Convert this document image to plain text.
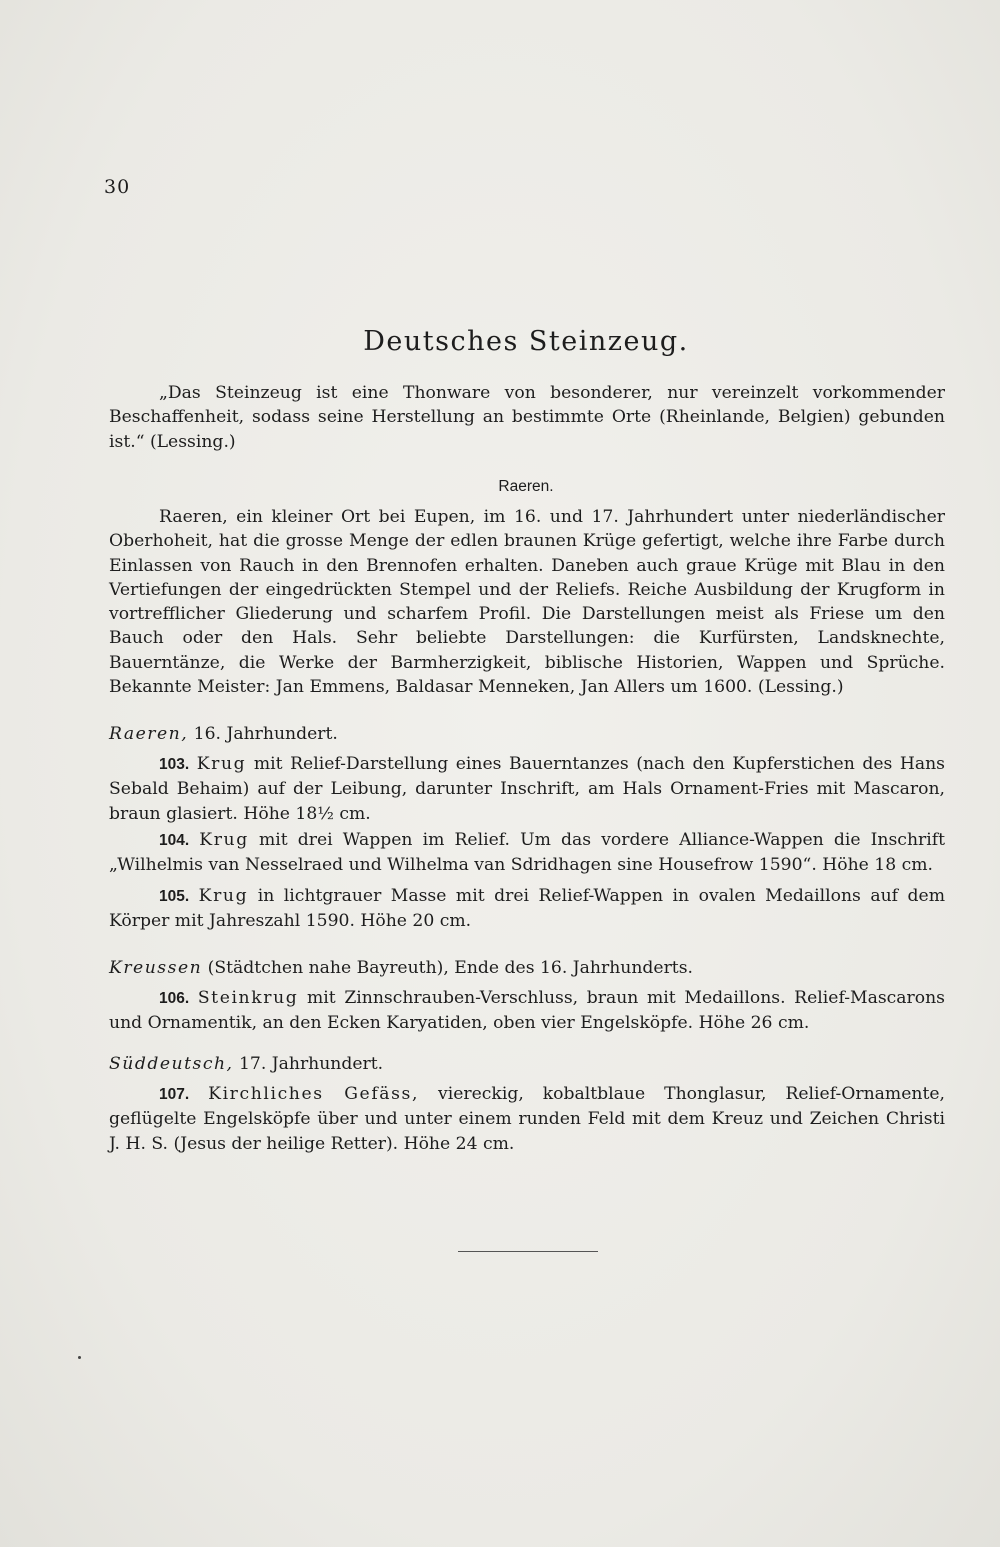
30
Deutsches Steinzeug.

„Das Steinzeug ist eine Thonware von besonderer, nur vereinzelt vorkommender Beschaffenheit, sodass seine Herstellung an bestimmte Orte (Rheinlande, Belgien) gebunden ist.“ (Lessing.)

Raeren.

Raeren, ein kleiner Ort bei Eupen, im 16. und 17. Jahrhundert unter niederländischer Oberhoheit, hat die grosse Menge der edlen braunen Krüge gefertigt, welche ihre Farbe durch Einlassen von Rauch in den Brennofen erhalten. Daneben auch graue Krüge mit Blau in den Vertiefungen der eingedrückten Stempel und der Reliefs. Reiche Ausbildung der Krugform in vortrefflicher Gliederung und scharfem Profil. Die Darstellungen meist als Friese um den Bauch oder den Hals. Sehr beliebte Darstellungen: die Kurfürsten, Landsknechte, Bauerntänze, die Werke der Barmherzigkeit, biblische Historien, Wappen und Sprüche. Bekannte Meister: Jan Emmens, Baldasar Menneken, Jan Allers um 1600. (Lessing.)

Raeren, 16. Jahrhundert.

103. Krug mit Relief-Darstellung eines Bauerntanzes (nach den Kupferstichen des Hans Sebald Behaim) auf der Leibung, darunter Inschrift, am Hals Ornament-Fries mit Mascaron, braun glasiert. Höhe 18½ cm.

104. Krug mit drei Wappen im Relief. Um das vordere Alliance-Wappen die Inschrift „Wilhelmis van Nesselraed und Wilhelma van Sdridhagen sine Housefrow 1590“. Höhe 18 cm.

105. Krug in lichtgrauer Masse mit drei Relief-Wappen in ovalen Medaillons auf dem Körper mit Jahreszahl 1590. Höhe 20 cm.

Kreussen (Städtchen nahe Bayreuth), Ende des 16. Jahrhunderts.

106. Steinkrug mit Zinnschrauben-Verschluss, braun mit Medaillons. Relief-Mascarons und Ornamentik, an den Ecken Karyatiden, oben vier Engelsköpfe. Höhe 26 cm.

Süddeutsch, 17. Jahrhundert.

107. Kirchliches Gefäss, viereckig, kobaltblaue Thonglasur, Relief-Ornamente, geflügelte Engelsköpfe über und unter einem runden Feld mit dem Kreuz und Zeichen Christi J. H. S. (Jesus der heilige Retter). Höhe 24 cm.
